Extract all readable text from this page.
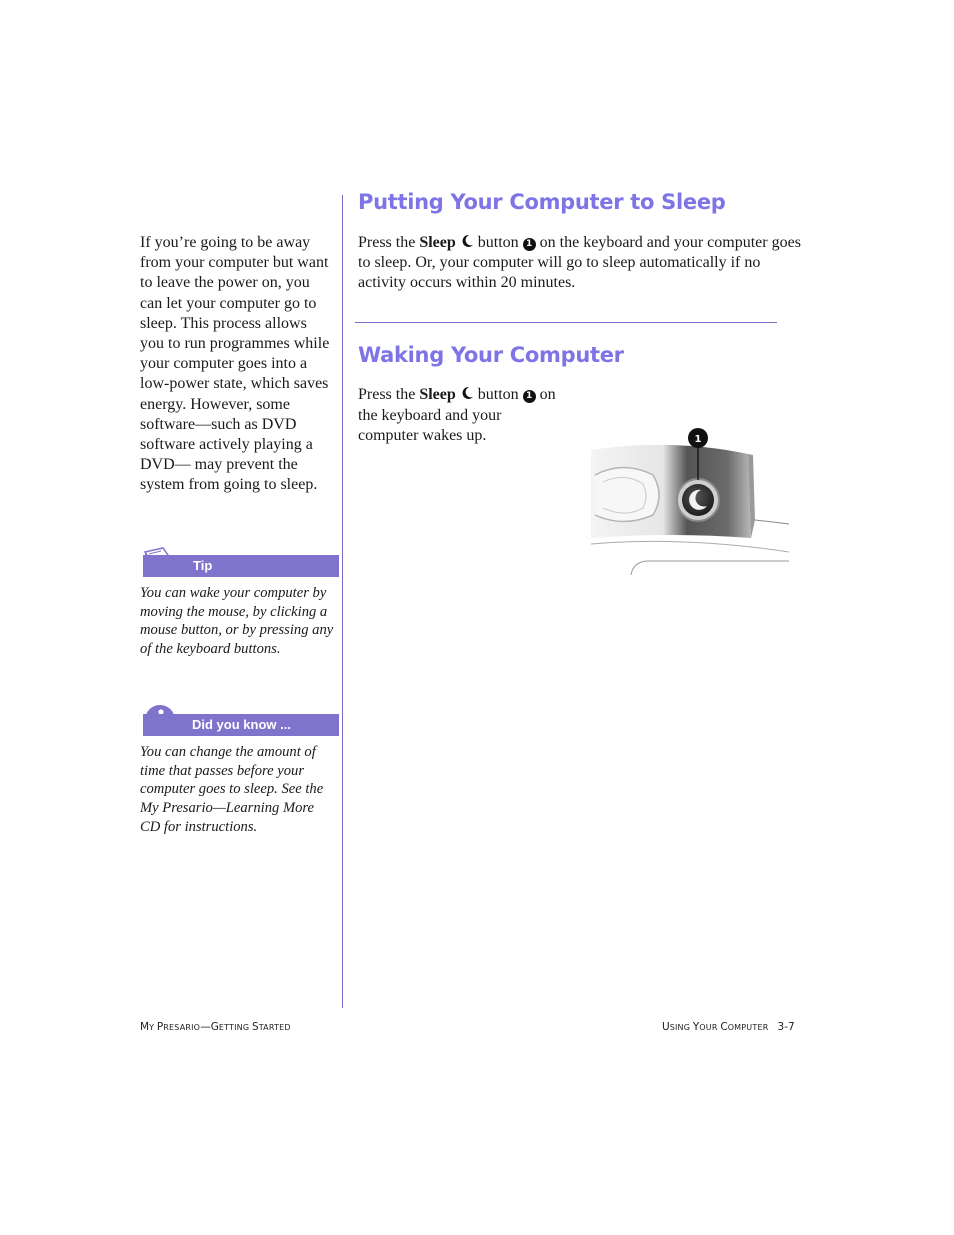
If you’re going to be away from your computer but want to leave the power on, you can let your computer go to sleep. This process allows you to run programmes while your computer goes into a low-power state, which saves energy. However, some software—such as DVD software actively playing a DVD— may prevent the system from going to sleep.
Tip
You can wake your computer by moving the mouse, by clicking a mouse button, or by pressing any of the keyboard buttons.
Did you know ...
You can change the amount of time that passes before your computer goes to sleep. See the My Presario—Learning More CD for instructions.
Putting Your Computer to Sleep
Press the Sleep  button 1 on the keyboard and your computer goes to sleep. Or, your computer will go to sleep automatically if no activity occurs within 20 minutes.
Waking Your Computer
Press the Sleep  button 1 on the keyboard and your computer wakes up.	1
MY PRESARIO—GETTING STARTED	USING YOUR COMPUTER 3-7
